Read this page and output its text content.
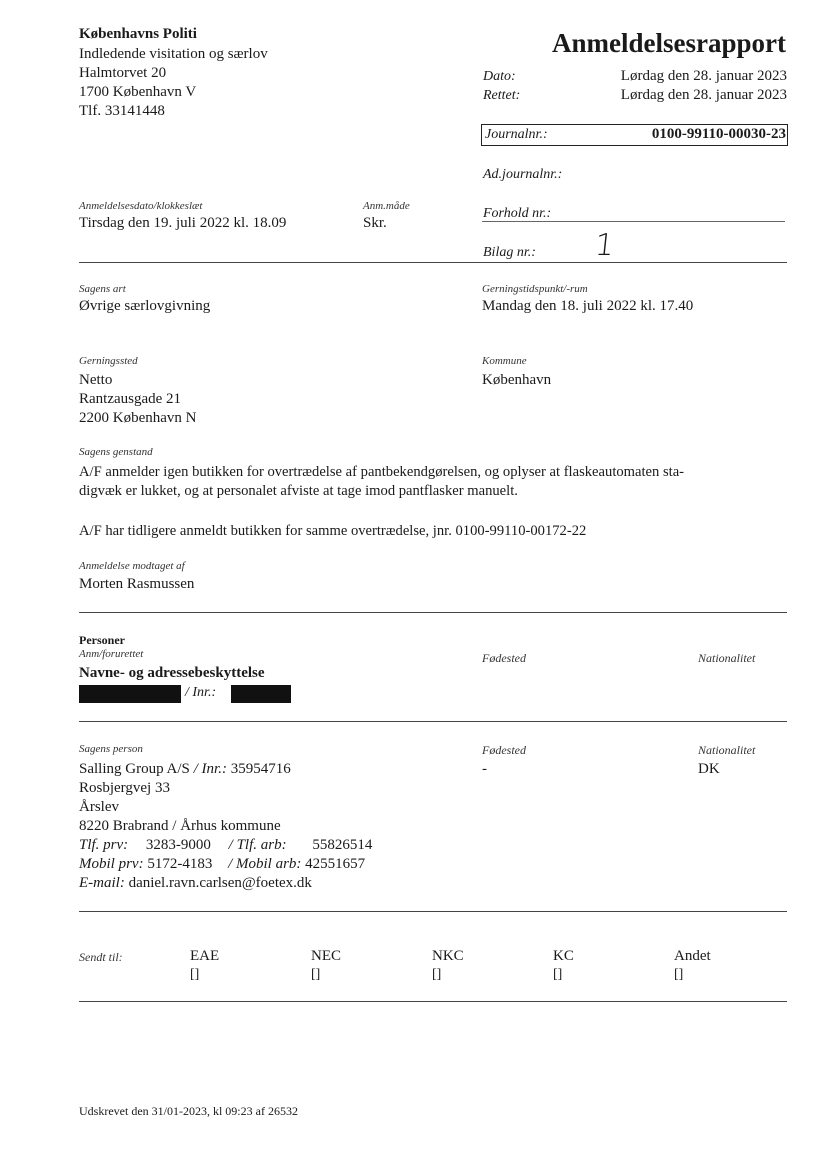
Københavns Politi
Indledende visitation og særlov
Halmtorvet 20
1700 København V
Tlf. 33141448
Anmeldelsesrapport
Dato:	Lørdag den 28. januar 2023
Rettet:	Lørdag den 28. januar 2023
Journalnr.:	0100-99110-00030-23
Ad.journalnr.:
Forhold nr.:
Bilag nr.: 1
Anmeldelsesdato/klokkeslæt
Tirsdag den 19. juli 2022 kl. 18.09
Anm.måde
Skr.
Sagens art
Øvrige særlovgivning
Gerningstidspunkt/-rum
Mandag den 18. juli 2022 kl. 17.40
Gerningssted
Netto
Rantzausgade 21
2200 København N
Kommune
København
Sagens genstand
A/F anmelder igen butikken for overtrædelse af pantbekendgørelsen, og oplyser at flaskeautomaten sta-
digvæk er lukket, og at personalet afviste at tage imod pantflasker manuelt.
A/F har tidligere anmeldt butikken for samme overtrædelse, jnr. 0100-99110-00172-22
Anmeldelse modtaget af
Morten Rasmussen
Personer
Anm/forurettet	Fødested	Nationalitet
Navne- og adressebeskyttelse
/ Inr.:
Sagens person	Fødested	Nationalitet
Salling Group A/S / Inr.: 35954716	-	DK
Rosbjergvej 33
Årslev
8220 Brabrand / Århus kommune
Tlf. prv: 3283-9000 / Tlf. arb: 55826514
Mobil prv: 5172-4183 / Mobil arb: 42551657
E-mail: daniel.ravn.carlsen@foetex.dk
Sendt til:	EAE
[]
NEC
[]
NKC
[]
KC
[]
Andet
[]
Udskrevet den 31/01-2023, kl 09:23 af 26532
